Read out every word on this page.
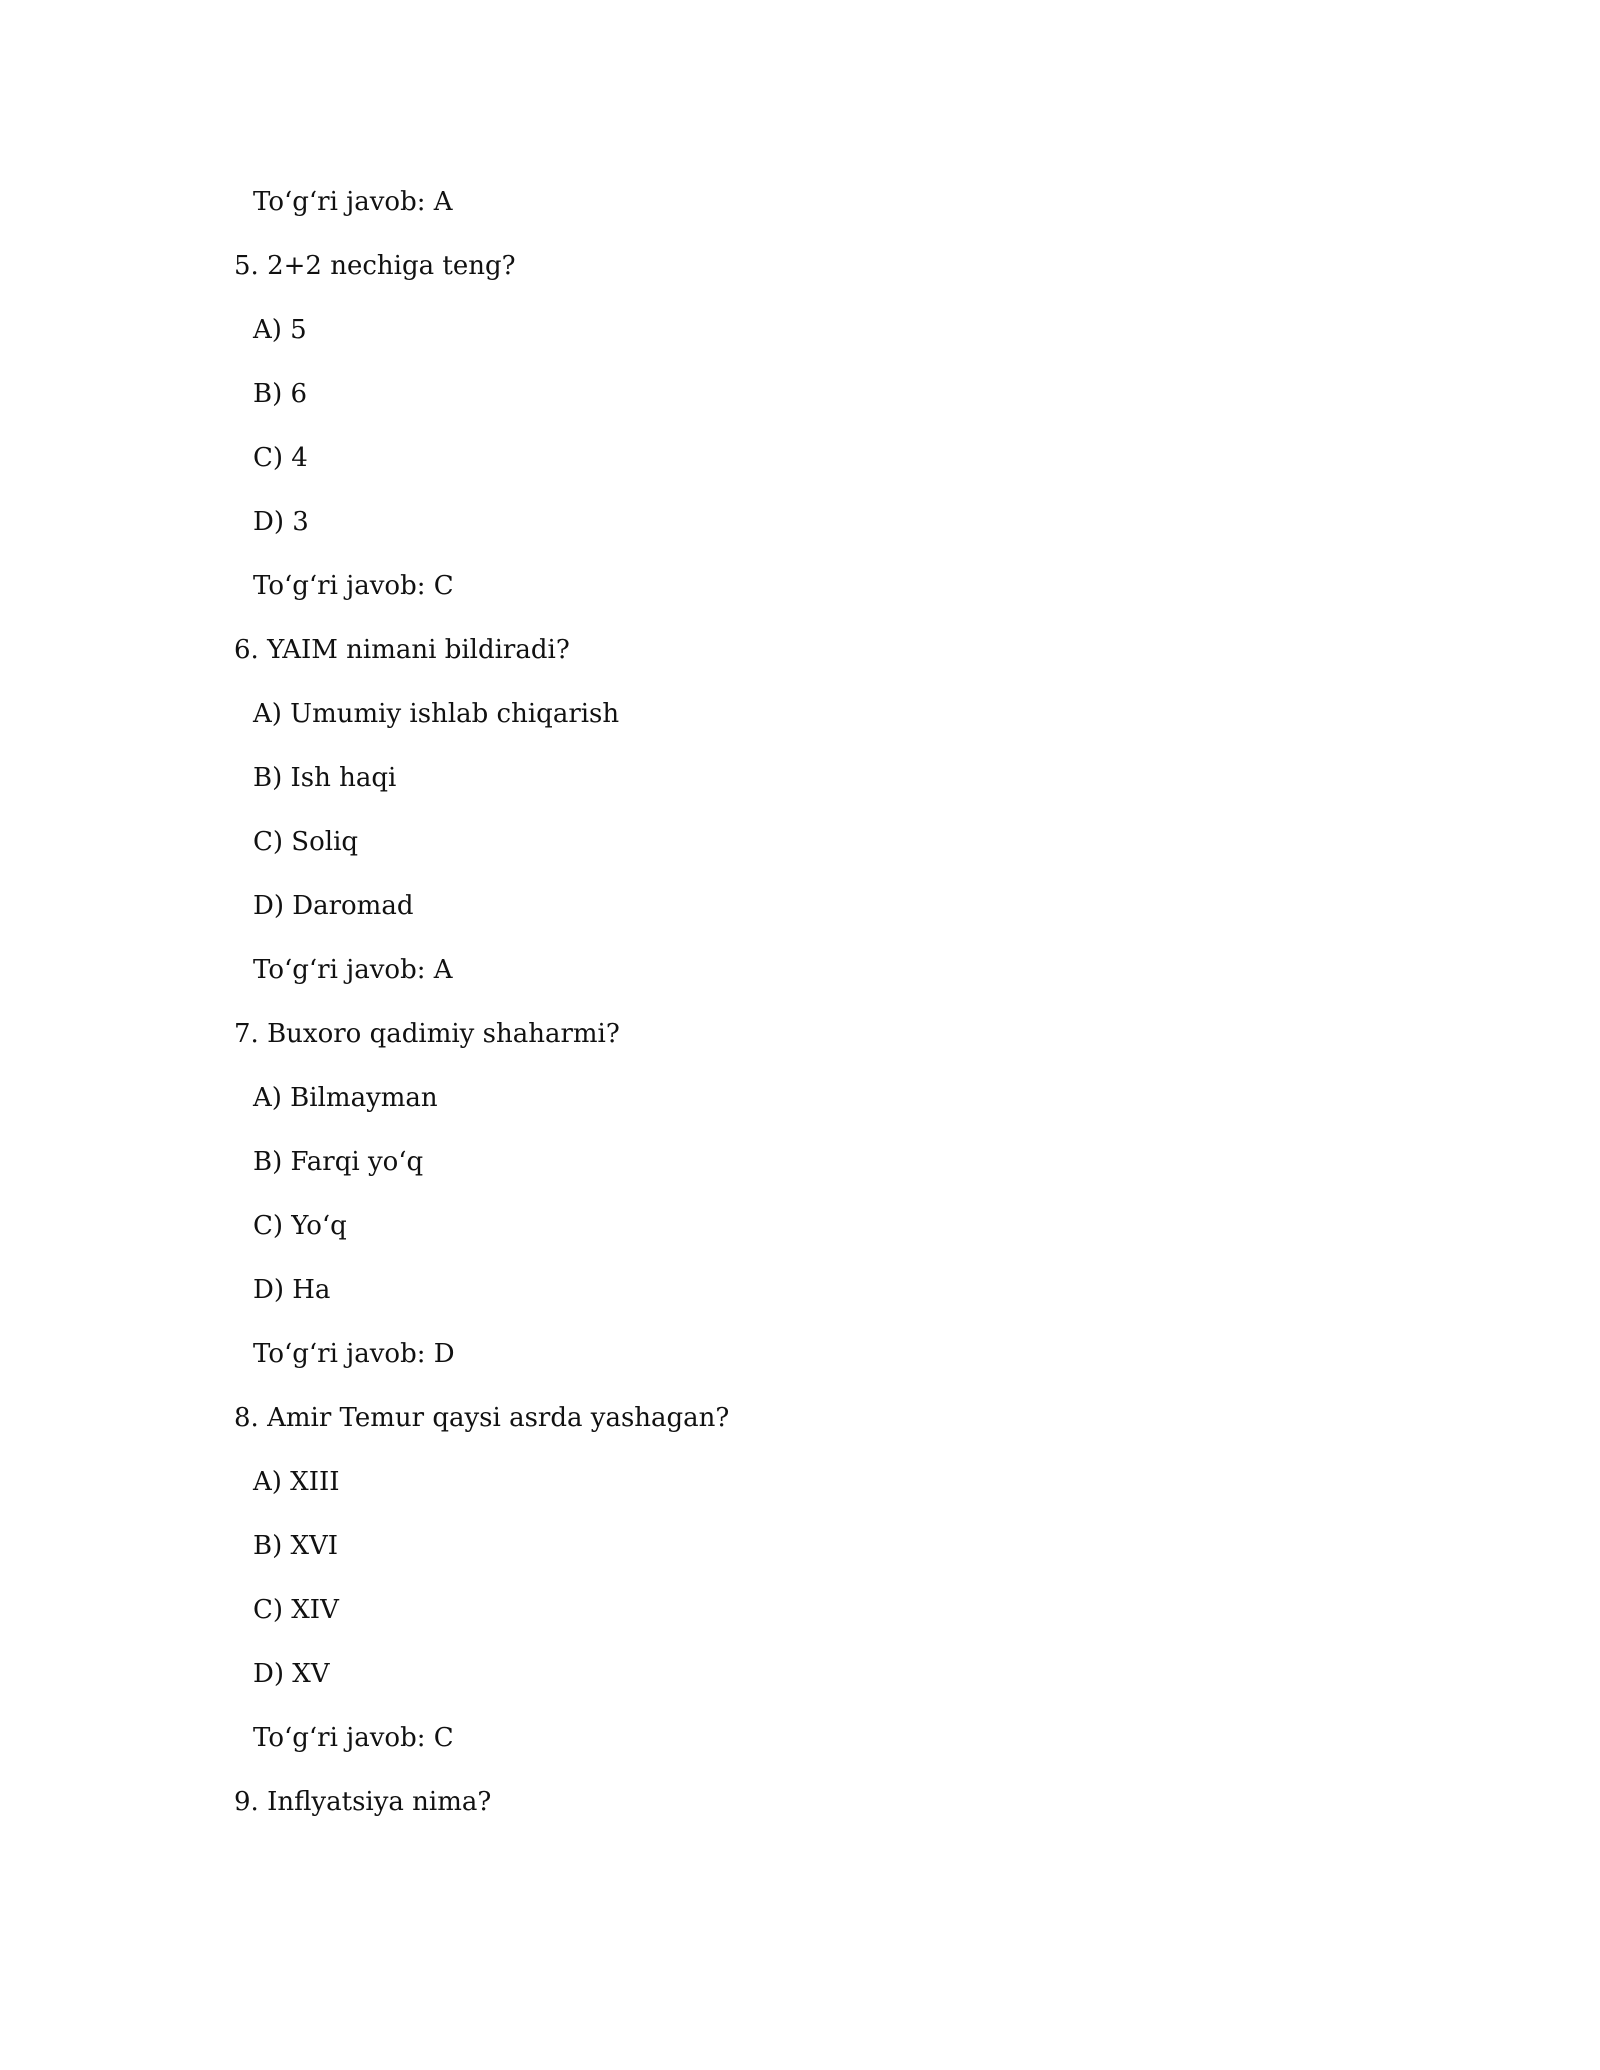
To‘g‘ri javob: A

5. 2+2 nechiga teng?

A) 5

B) 6

C) 4

D) 3

To‘g‘ri javob: C

6. YAIM nimani bildiradi?

A) Umumiy ishlab chiqarish

B) Ish haqi

C) Soliq

D) Daromad

To‘g‘ri javob: A

7. Buxoro qadimiy shaharmi?

A) Bilmayman

B) Farqi yo‘q

C) Yo‘q

D) Ha

To‘g‘ri javob: D

8. Amir Temur qaysi asrda yashagan?

A) XIII

B) XVI

C) XIV

D) XV

To‘g‘ri javob: C

9. Inflyatsiya nima?
